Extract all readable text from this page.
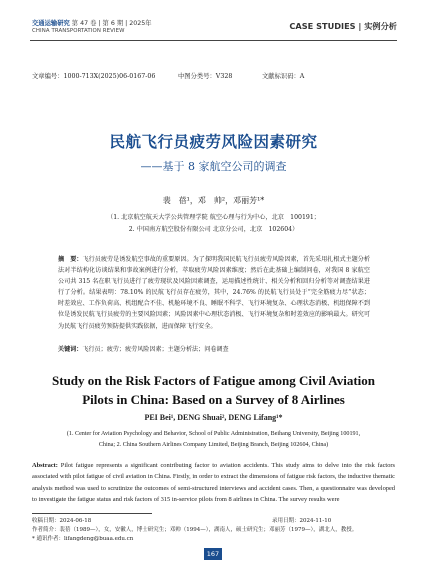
交通运输研究 第 47 卷 | 第 6 期 | 2025年
CHINA TRANSPORTATION REVIEW	CASE STUDIES | 实例分析
文章编号：1000-713X(2025)06-0167-06	中图分类号：V328	文献标识码：A
民航飞行员疲劳风险因素研究
——基于 8 家航空公司的调查
裴　蓓¹，邓　帅²，邓丽芳¹*
（1. 北京航空航天大学公共管理学院 航空心理与行为中心，北京　100191；
2. 中国南方航空股份有限公司 北京分公司，北京　102604）
摘　要：飞行员疲劳是诱发航空事故的重要原因。为了探明我国民航飞行员疲劳风险因素，首先采用扎根式主题分析法对半结构化访谈结果和事故案例进行分析，萃取疲劳风险因素维度；然后在此基础上编制问卷，对我国 8 家航空公司共 315 名在职飞行员进行了疲劳现状及风险因素调查，运用描述性统计、相关分析和回归分析等对调查结果进行了分析。结果表明：78.10% 的民航飞行员存在疲劳，其中，24.76% 的民航飞行员处于“完全筋疲力尽”状态；时差效应、工作负荷高、机组配合不佳、机舱环境不良、睡眠不科学、飞行环境复杂、心理状态消极、机组保障不到位是诱发民航飞行员疲劳的主要风险因素；风险因素中心理状态消极、飞行环境复杂和时差效应的影响最大。研究可为民航飞行员疲劳预防提供实践依据，进而保障飞行安全。
关键词：飞行员；疲劳；疲劳风险因素；主题分析法；问卷调查
Study on the Risk Factors of Fatigue among Civil Aviation
Pilots in China: Based on a Survey of 8 Airlines
PEI Bei¹, DENG Shuai², DENG Lifang¹*
(1. Center for Aviation Psychology and Behavior, School of Public Administration, Beihang University, Beijing 100191,
China; 2. China Southern Airlines Company Limited, Beijing Branch, Beijing 102604, China)
Abstract: Pilot fatigue represents a significant contributing factor to aviation accidents. This study aims to delve into the risk factors associated with pilot fatigue of civil aviation in China. Firstly, in order to extract the dimensions of fatigue risk factors, the inductive thematic analysis method was used to scrutinize the outcomes of semi-structured interviews and accident cases. Then, a questionnaire was developed to investigate the fatigue status and risk factors of 315 in-service pilots from 8 airlines in China. The survey results were
收稿日期：2024-06-18	录用日期：2024-11-10
作者简介：裴蓓（1989—），女，安徽人，博士研究生；邓帅（1994—），湖南人，硕士研究生；邓丽芳（1979—），湖北人，教授。
* 通讯作者：lifangdeng@buaa.edu.cn
167
